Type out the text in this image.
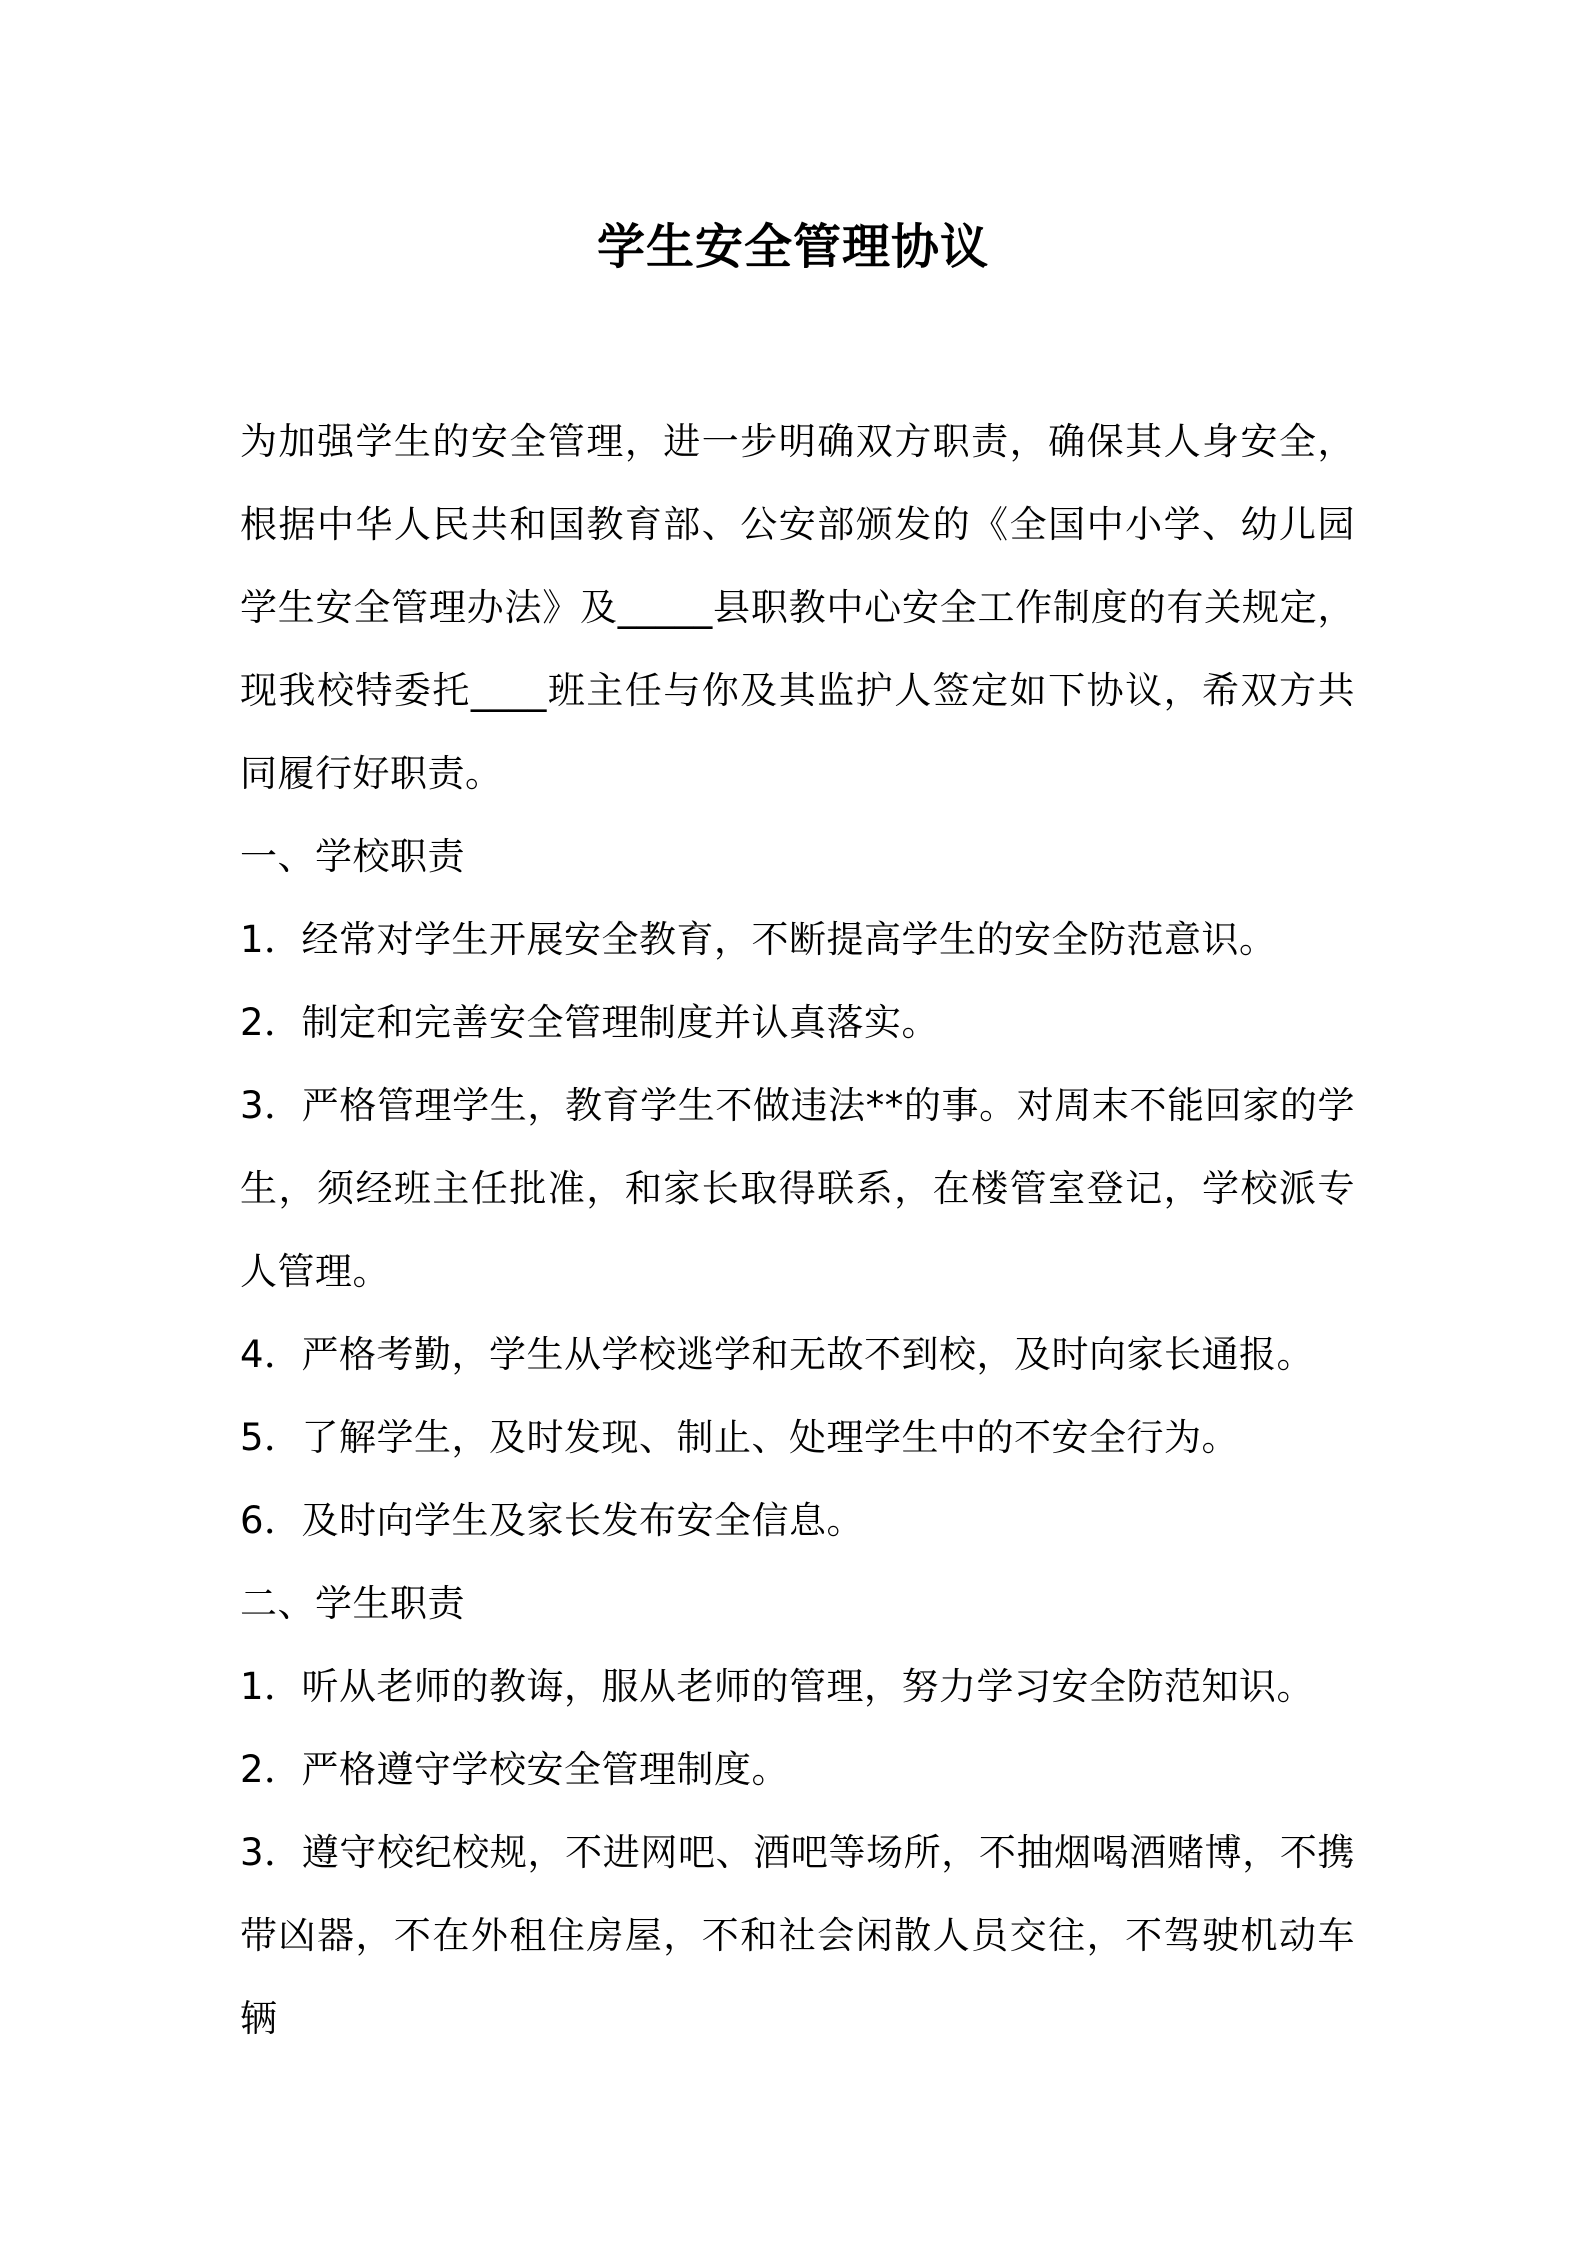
学生安全管理协议

为加强学生的安全管理，进一步明确双方职责，确保其人身安全，根据中华人民共和国教育部、公安部颁发的《全国中小学、幼儿园学生安全管理办法》及_____县职教中心安全工作制度的有关规定，现我校特委托____班主任与你及其监护人签定如下协议，希双方共同履行好职责。

一、学校职责

1．经常对学生开展安全教育，不断提高学生的安全防范意识。

2．制定和完善安全管理制度并认真落实。

3．严格管理学生，教育学生不做违法**的事。对周末不能回家的学生，须经班主任批准，和家长取得联系，在楼管室登记，学校派专人管理。

4．严格考勤，学生从学校逃学和无故不到校，及时向家长通报。

5．了解学生，及时发现、制止、处理学生中的不安全行为。

6．及时向学生及家长发布安全信息。

二、学生职责

1．听从老师的教诲，服从老师的管理，努力学习安全防范知识。

2．严格遵守学校安全管理制度。

3．遵守校纪校规，不进网吧、酒吧等场所，不抽烟喝酒赌博，不携带凶器，不在外租住房屋，不和社会闲散人员交往，不驾驶机动车辆
